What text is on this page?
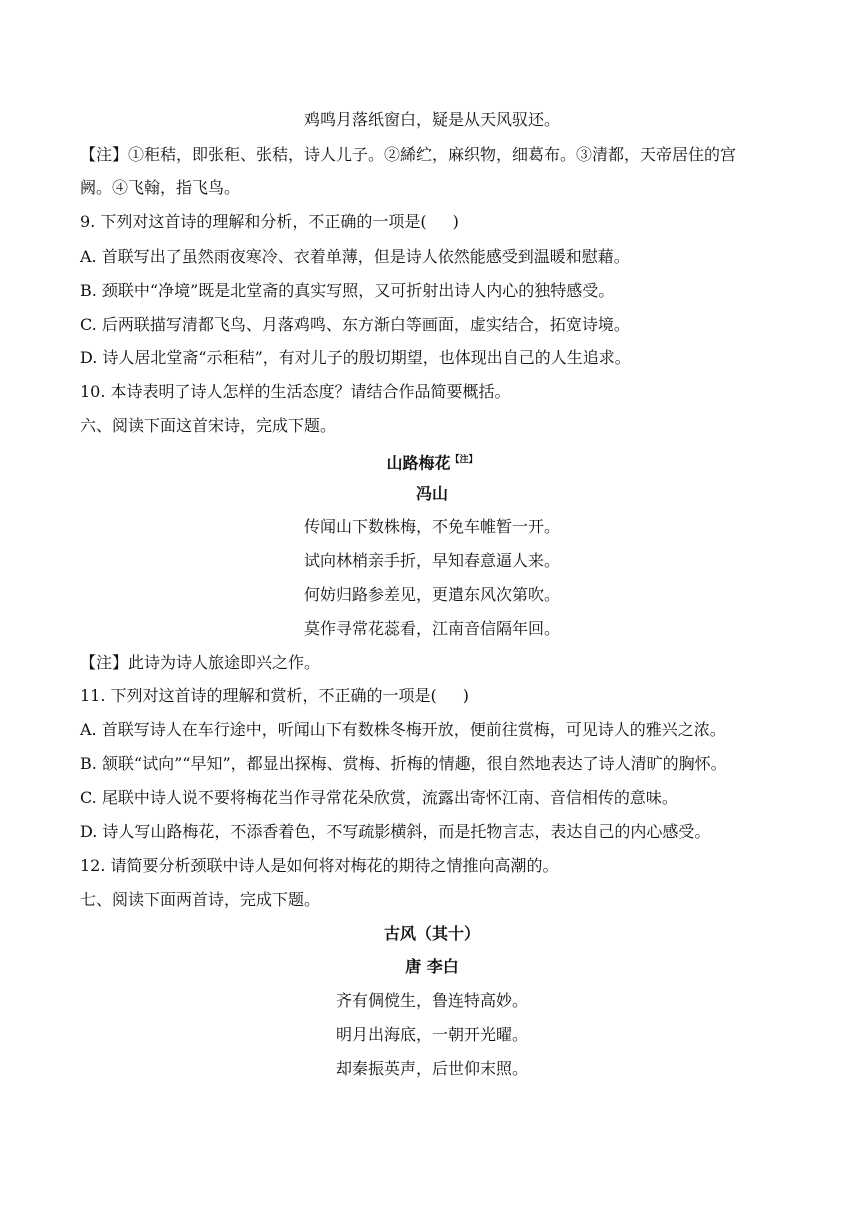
鸡鸣月落纸窗白，疑是从天风驭还。
【注】①秬秸，即张秬、张秸，诗人儿子。②絺纻，麻织物，细葛布。③清都，天帝居住的宫
阙。④飞翰，指飞鸟。
9. 下列对这首诗的理解和分析，不正确的一项是( )
A. 首联写出了虽然雨夜寒冷、衣着单薄，但是诗人依然能感受到温暖和慰藉。
B. 颈联中“净境”既是北堂斋的真实写照，又可折射出诗人内心的独特感受。
C. 后两联描写清都飞鸟、月落鸡鸣、东方渐白等画面，虚实结合，拓宽诗境。
D. 诗人居北堂斋“示秬秸”，有对儿子的殷切期望，也体现出自己的人生追求。
10. 本诗表明了诗人怎样的生活态度？请结合作品简要概括。
六、阅读下面这首宋诗，完成下题。
山路梅花$^{【注】}$
冯山
传闻山下数株梅，不免车帷暂一开。
试向林梢亲手折，早知春意逼人来。
何妨归路参差见，更遣东风次第吹。
莫作寻常花蕊看，江南音信隔年回。
【注】此诗为诗人旅途即兴之作。
11. 下列对这首诗的理解和赏析，不正确的一项是( )
A. 首联写诗人在车行途中，听闻山下有数株冬梅开放，便前往赏梅，可见诗人的雅兴之浓。
B. 颔联“试向”“早知”，都显出探梅、赏梅、折梅的情趣，很自然地表达了诗人清旷的胸怀。
C. 尾联中诗人说不要将梅花当作寻常花朵欣赏，流露出寄怀江南、音信相传的意味。
D. 诗人写山路梅花，不添香着色，不写疏影横斜，而是托物言志，表达自己的内心感受。
12. 请简要分析颈联中诗人是如何将对梅花的期待之情推向高潮的。
七、阅读下面两首诗，完成下题。
古风（其十）
唐 李白
齐有倜傥生，鲁连特高妙。
明月出海底，一朝开光曜。
却秦振英声，后世仰末照。
